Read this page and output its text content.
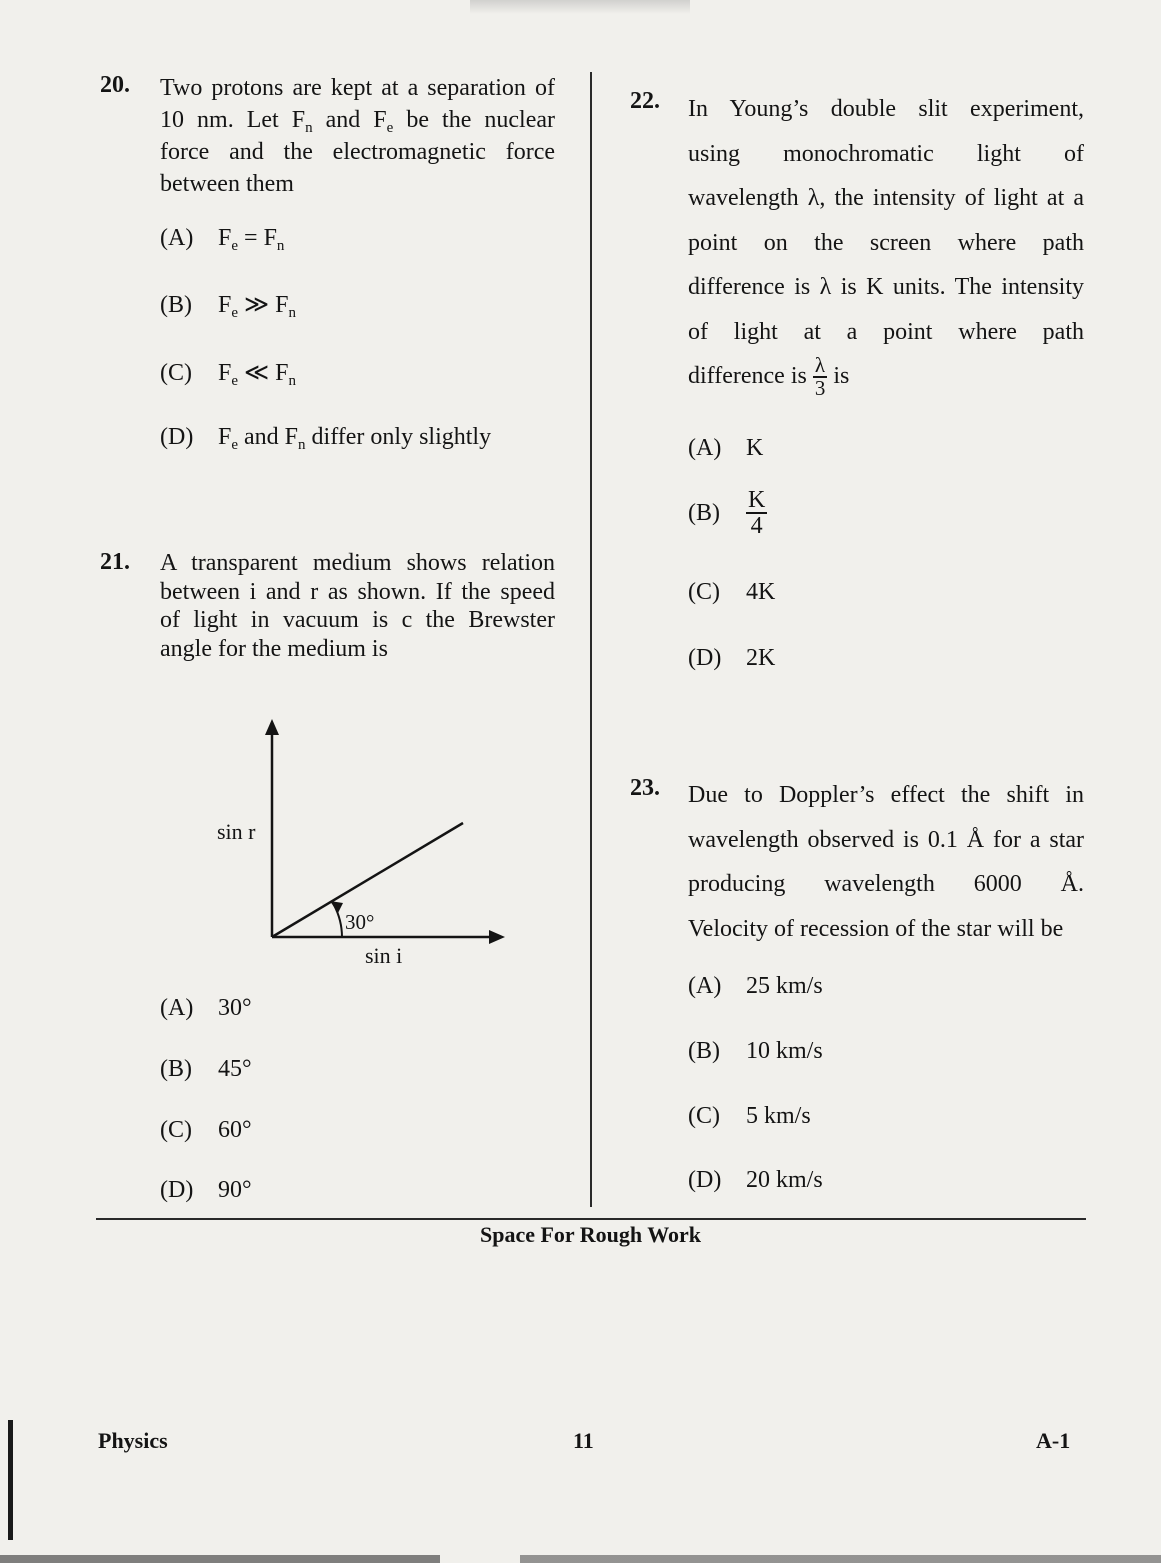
20. Two protons are kept at a separation of
10 nm. Let $F_n$ and $F_e$ be the nuclear
force and the electromagnetic force
between them
(A) $F_e = F_n$
(B) $F_e$ ≫ $F_n$
(C) $F_e$ ≪ $F_n$
(D) $F_e$ and $F_n$ differ only slightly
21. A transparent medium shows relation
between i and r as shown. If the speed
of light in vacuum is c the Brewster
angle for the medium is
sin r
sin i
30°
(A) 30°
(B) 45°
(C) 60°
(D) 90°
22. In Young’s double slit experiment,
using monochromatic light of
wavelength λ, the intensity of light at a
point on the screen where path
difference is λ is K units. The intensity
of light at a point where path
difference is $\frac{\lambda}{3}$ is
(A) K
$(B) \frac{K}{4}$
(C) 4K
(D) 2K
23. Due to Doppler’s effect the shift in
wavelength observed is 0.1 Å for a star
producing wavelength 6000 Å.
Velocity of recession of the star will be
(A) 25 km/s
(B) 10 km/s
(C) 5 km/s
(D) 20 km/s
Space For Rough Work
Physics	11	A-1
